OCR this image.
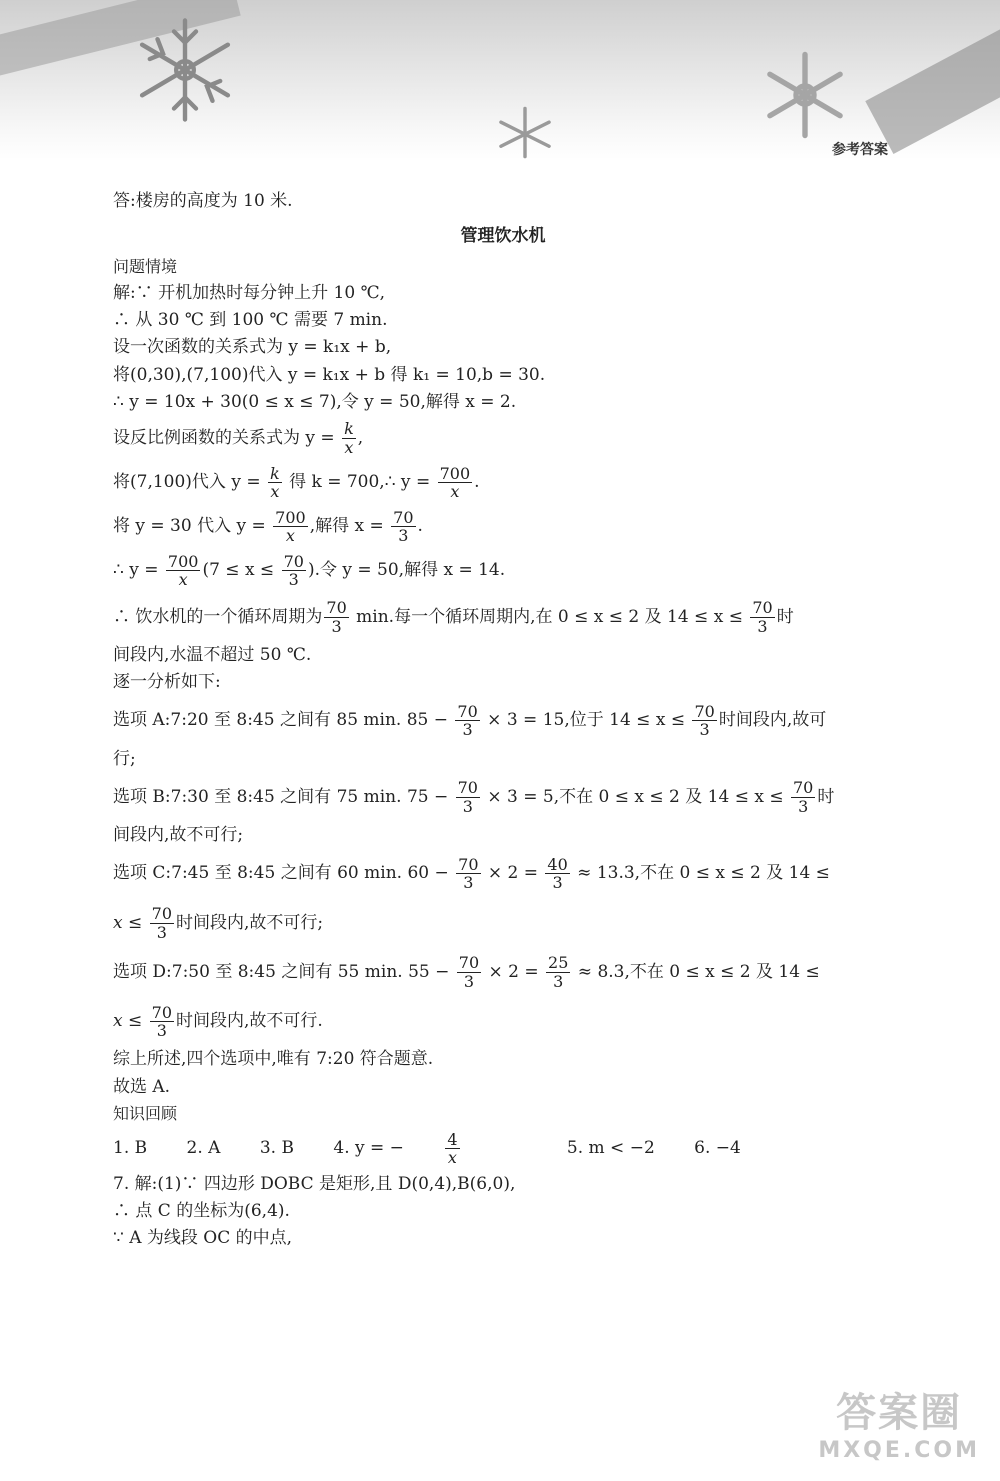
参考答案

答:楼房的高度为 10 米.

管理饮水机

问题情境

解:∵ 开机加热时每分钟上升 10 ℃,

∴ 从 30 ℃ 到 100 ℃ 需要 7 min.

设一次函数的关系式为 y = k₁x + b,

将(0,30),(7,100)代入 y = k₁x + b 得 k₁ = 10,b = 30.

∴ y = 10x + 30(0 ≤ x ≤ 7),令 y = 50,解得 x = 2.

设反比例函数的关系式为 $y = \frac{k}{x}$ ,

将(7,100)代入 $y = \frac{k}{x}$ 得 k = 700,∴ $y = \frac{700}{x}$ .

将 y = 30 代入 $y = \frac{700}{x}$ ,解得 $x = \frac{70}{3}$ .

∴ $y = \frac{700}{x} (7 \le x \le \frac{70}{3}$ ).令 y = 50,解得 x = 14.

∴ 饮水机的一个循环周期为 $\frac{70}{3} \min$.每一个循环周期内,在 0 ≤ x ≤ 2 及 $14 \le x \le \frac{70}{3}$ 时

间段内,水温不超过 50 ℃.

逐一分析如下:

选项 A:7:20 至 8:45 之间有 85 min. $85 - \frac{70}{3} \times 3 = 15$,位于 $14 \le x \le \frac{70}{3}$ 时间段内,故可

行;

选项 B:7:30 至 8:45 之间有 75 min. $75 - \frac{70}{3} \times 3 = 5$,不在 0 ≤ x ≤ 2 及 $14 \le x \le \frac{70}{3}$ 时

间段内,故不可行;

选项 C:7:45 至 8:45 之间有 60 min. $60 - \frac{70}{3} \times 2 = \frac{40}{3} \approx 13.3$,不在 0 ≤ x ≤ 2 及 14 ≤

$x \le \frac{70}{3}$ 时间段内,故不可行;

选项 D:7:50 至 8:45 之间有 55 min. $55 - \frac{70}{3} \times 2 = \frac{25}{3} \approx 8.3$,不在 0 ≤ x ≤ 2 及 14 ≤

$x \le \frac{70}{3}$ 时间段内,故不可行.

综上所述,四个选项中,唯有 7:20 符合题意.

故选 A.

知识回顾

1. B 2. A 3. B 4. y = − $\frac{4}{x}$	5. m < −2 6. −4

7. 解:(1)∵ 四边形 DOBC 是矩形,且 D(0,4),B(6,0),

∴ 点 C 的坐标为(6,4).

∵ A 为线段 OC 的中点,

答案圈
MXQE.COM
